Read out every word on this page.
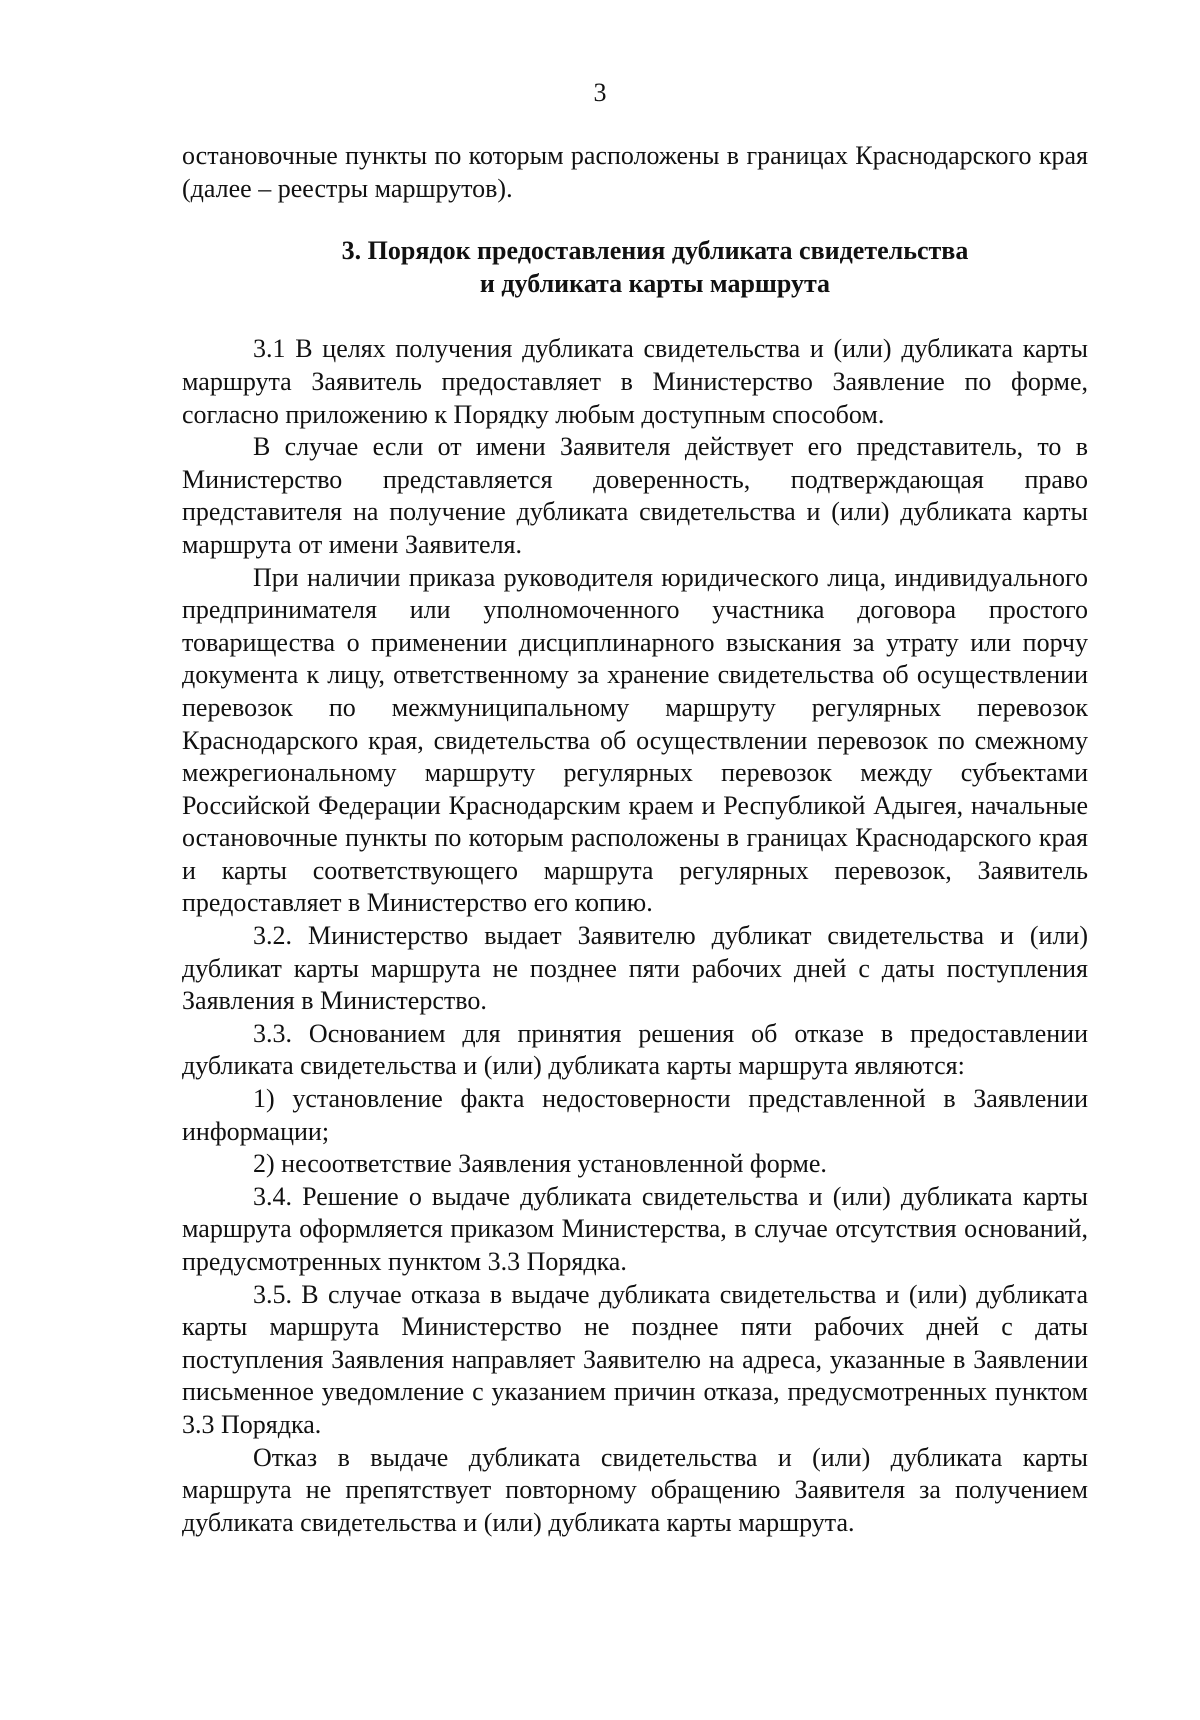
3

остановочные пункты по которым расположены в границах Краснодарского края (далее – реестры маршрутов).

3. Порядок предоставления дубликата свидетельства
и дубликата карты маршрута

3.1 В целях получения дубликата свидетельства и (или) дубликата карты маршрута Заявитель предоставляет в Министерство Заявление по форме, согласно приложению к Порядку любым доступным способом.

В случае если от имени Заявителя действует его представитель, то в Министерство представляется доверенность, подтверждающая право представителя на получение дубликата свидетельства и (или) дубликата карты маршрута от имени Заявителя.

При наличии приказа руководителя юридического лица, индивидуального предпринимателя или уполномоченного участника договора простого товарищества о применении дисциплинарного взыскания за утрату или порчу документа к лицу, ответственному за хранение свидетельства об осуществлении перевозок по межмуниципальному маршруту регулярных перевозок Краснодарского края, свидетельства об осуществлении перевозок по смежному межрегиональному маршруту регулярных перевозок между субъектами Российской Федерации Краснодарским краем и Республикой Адыгея, начальные остановочные пункты по которым расположены в границах Краснодарского края и карты соответствующего маршрута регулярных перевозок, Заявитель предоставляет в Министерство его копию.

3.2. Министерство выдает Заявителю дубликат свидетельства и (или) дубликат карты маршрута не позднее пяти рабочих дней с даты поступления Заявления в Министерство.

3.3. Основанием для принятия решения об отказе в предоставлении дубликата свидетельства и (или) дубликата карты маршрута являются:

1) установление факта недостоверности представленной в Заявлении информации;

2) несоответствие Заявления установленной форме.

3.4. Решение о выдаче дубликата свидетельства и (или) дубликата карты маршрута оформляется приказом Министерства, в случае отсутствия оснований, предусмотренных пунктом 3.3 Порядка.

3.5. В случае отказа в выдаче дубликата свидетельства и (или) дубликата карты маршрута Министерство не позднее пяти рабочих дней с даты поступления Заявления направляет Заявителю на адреса, указанные в Заявлении письменное уведомление с указанием причин отказа, предусмотренных пунктом 3.3 Порядка.

Отказ в выдаче дубликата свидетельства и (или) дубликата карты маршрута не препятствует повторному обращению Заявителя за получением дубликата свидетельства и (или) дубликата карты маршрута.
